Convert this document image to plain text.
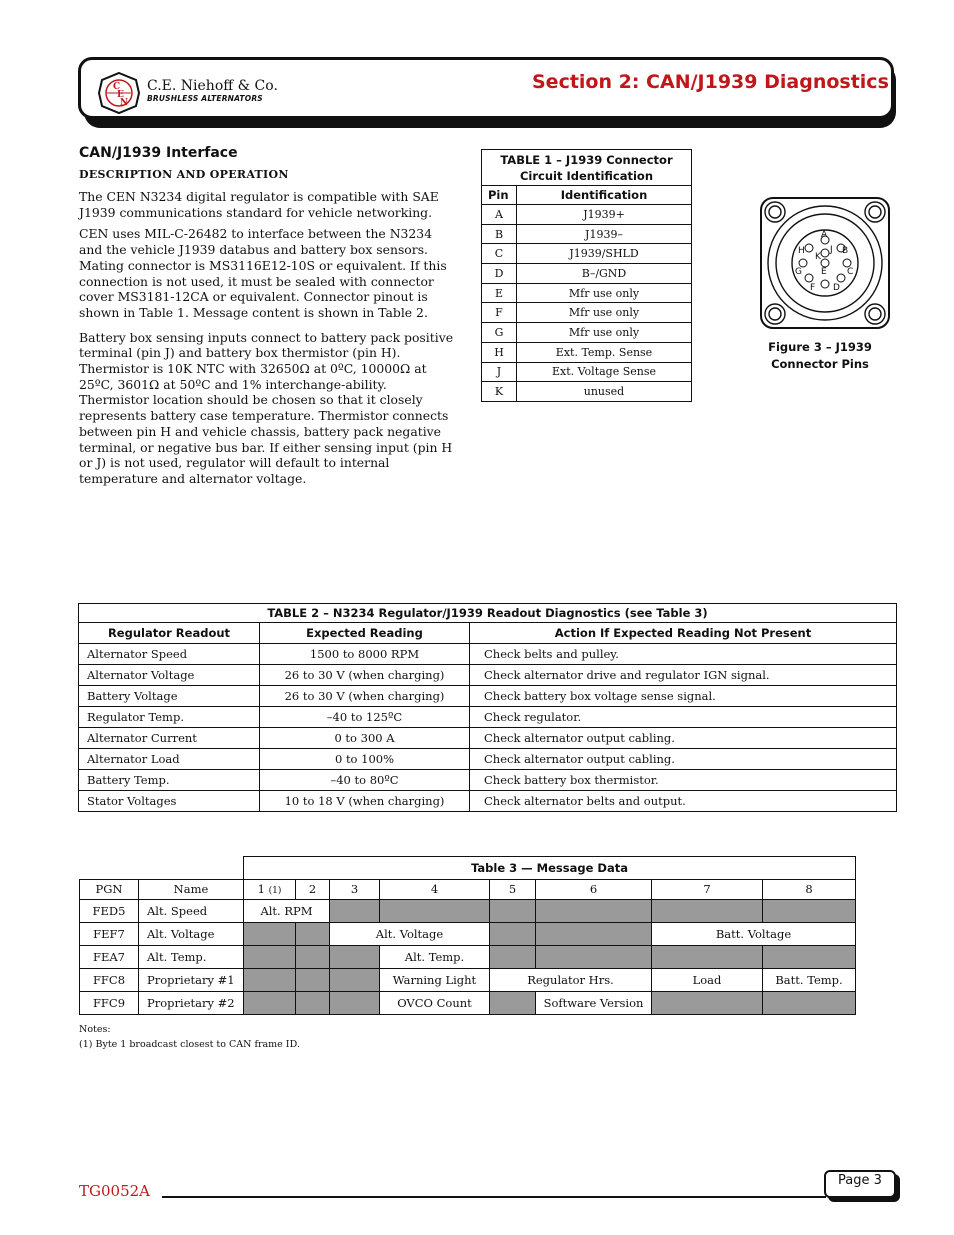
C
E
N
C.E. Niehoff & Co.
BRUSHLESS ALTERNATORS
Section 2: CAN/J1939 Diagnostics
CAN/J1939 Interface
DESCRIPTION AND OPERATION

The CEN N3234 digital regulator is compatible with SAE J1939 communications standard for vehicle networking.

CEN uses MIL-C-26482 to interface between the N3234 and the vehicle J1939 databus and battery box sensors. Mating connector is MS3116E12-10S or equivalent. If this connection is not used, it must be sealed with connector cover MS3181-12CA or equivalent. Connector pinout is shown in Table 1. Message content is shown in Table 2.

Battery box sensing inputs connect to battery pack positive terminal (pin J) and battery box thermistor (pin H). Thermistor is 10K NTC with 32650Ω at 0ºC, 10000Ω at 25ºC, 3601Ω at 50ºC and 1% interchange-ability. Thermistor location should be chosen so that it closely represents battery case temperature. Thermistor connects between pin H and vehicle chassis, battery pack negative terminal, or negative bus bar. If either sensing input (pin H or J) is not used, regulator will default to internal temperature and alternator voltage.

TABLE 1 – J1939 Connector
Circuit Identification
Pin	Identification
A	J1939+
B	J1939–
C	J1939/SHLD
D	B–/GND
E	Mfr use only
F	Mfr use only
G	Mfr use only
H	Ext. Temp. Sense
J	Ext. Voltage Sense
K	unused
A
B
C
D
E
F
G
H	J
K
Figure 3 – J1939
Connector Pins
TABLE 2 – N3234 Regulator/J1939 Readout Diagnostics (see Table 3)		
Regulator Readout	Expected Reading	Action If Expected Reading Not Present
Alternator Speed	1500 to 8000 RPM	Check belts and pulley.
Alternator Voltage	26 to 30 V (when charging)	Check alternator drive and regulator IGN signal.
Battery Voltage	26 to 30 V (when charging)	Check battery box voltage sense signal.
Regulator Temp.	–40 to 125ºC	Check regulator.
Alternator Current	0 to 300 A	Check alternator output cabling.
Alternator Load	0 to 100%	Check alternator output cabling.
Battery Temp.	–40 to 80ºC	Check battery box thermistor.
Stator Voltages	10 to 18 V (when charging)	Check alternator belts and output.
		Table 3 — Message Data							
PGN	Name	1 (1)	2	3	4	5	6	7	8
FED5	Alt. Speed	Alt. RPM							
FEF7	Alt. Voltage			Alt. Voltage				Batt. Voltage	
FEA7	Alt. Temp.				Alt. Temp.				
FFC8	Proprietary #1				Warning Light	Regulator Hrs.		Load	Batt. Temp.
FFC9	Proprietary #2				OVCO Count		Software Version		
Notes:
(1) Byte 1 broadcast closest to CAN frame ID.
TG0052A
Page 3
